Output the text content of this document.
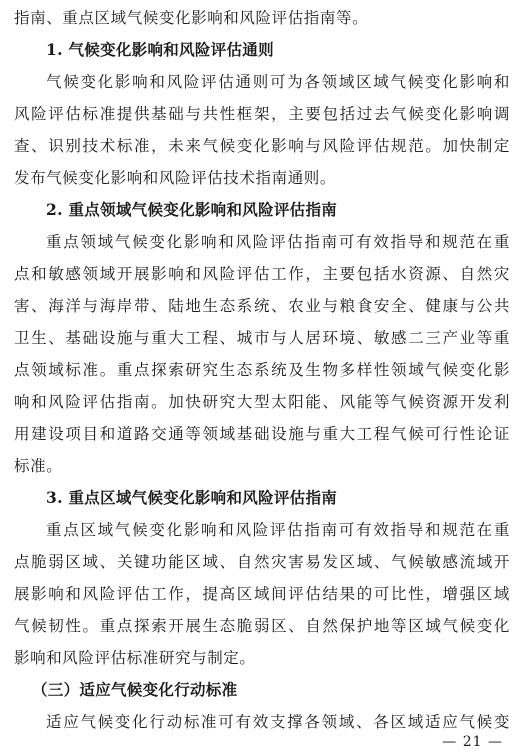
指南、重点区域气候变化影响和风险评估指南等。
1. 气候变化影响和风险评估通则
气候变化影响和风险评估通则可为各领域区域气候变化影响和
风险评估标准提供基础与共性框架，主要包括过去气候变化影响调
查、识别技术标准，未来气候变化影响与风险评估规范。加快制定
发布气候变化影响和风险评估技术指南通则。
2. 重点领域气候变化影响和风险评估指南
重点领域气候变化影响和风险评估指南可有效指导和规范在重
点和敏感领域开展影响和风险评估工作，主要包括水资源、自然灾
害、海洋与海岸带、陆地生态系统、农业与粮食安全、健康与公共
卫生、基础设施与重大工程、城市与人居环境、敏感二三产业等重
点领域标准。重点探索研究生态系统及生物多样性领域气候变化影
响和风险评估指南。加快研究大型太阳能、风能等气候资源开发利
用建设项目和道路交通等领域基础设施与重大工程气候可行性论证
标准。
3. 重点区域气候变化影响和风险评估指南
重点区域气候变化影响和风险评估指南可有效指导和规范在重
点脆弱区域、关键功能区域、自然灾害易发区域、气候敏感流域开
展影响和风险评估工作，提高区域间评估结果的可比性，增强区域
气候韧性。重点探索开展生态脆弱区、自然保护地等区域气候变化
影响和风险评估标准研究与制定。
（三）适应气候变化行动标准
适应气候变化行动标准可有效支撑各领域、各区域适应气候变
— 21 —
